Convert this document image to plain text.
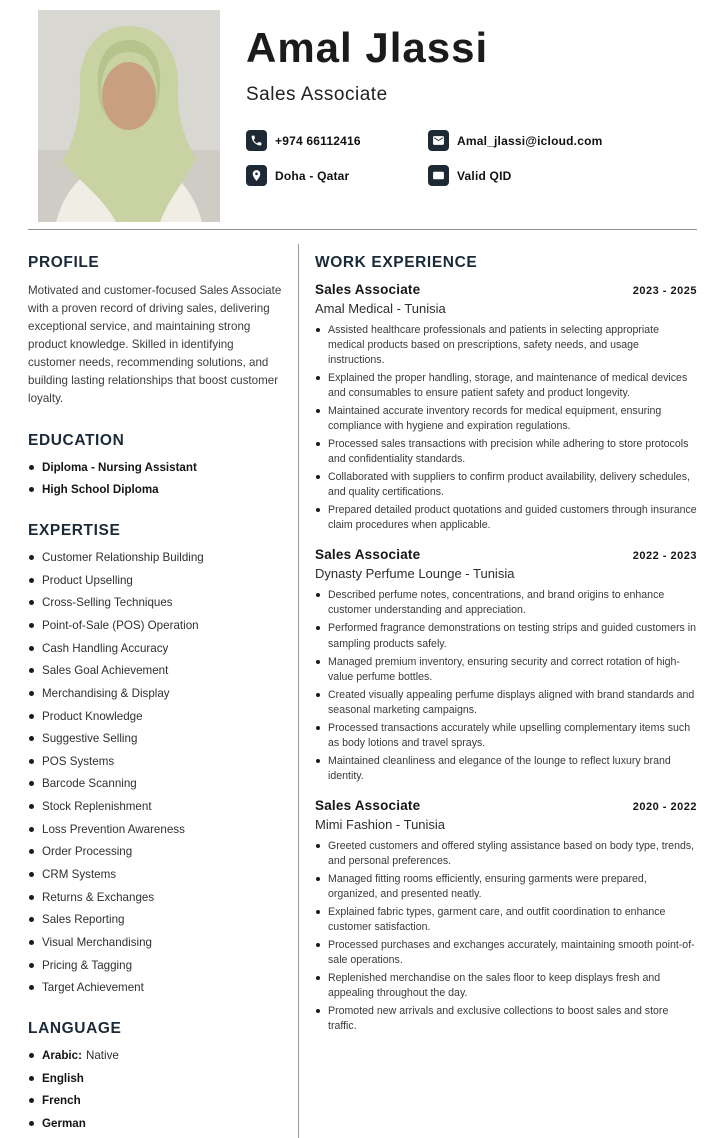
Amal Jlassi
Sales Associate
+974 66112416	Amal_jlassi@icloud.com
Doha - Qatar	Valid QID
PROFILE

Motivated and customer-focused Sales Associate with a proven record of driving sales, delivering exceptional service, and maintaining strong product knowledge. Skilled in identifying customer needs, recommending solutions, and building lasting relationships that boost customer loyalty.

EDUCATION
Diploma - Nursing Assistant
High School Diploma
EXPERTISE
Customer Relationship Building
Product Upselling
Cross-Selling Techniques
Point-of-Sale (POS) Operation
Cash Handling Accuracy
Sales Goal Achievement
Merchandising & Display
Product Knowledge
Suggestive Selling
POS Systems
Barcode Scanning
Stock Replenishment
Loss Prevention Awareness
Order Processing
CRM Systems
Returns & Exchanges
Sales Reporting
Visual Merchandising
Pricing & Tagging
Target Achievement
LANGUAGE
Arabic: Native
English
French
German
WORK EXPERIENCE
Sales Associate	2023 - 2025
Amal Medical - Tunisia
Assisted healthcare professionals and patients in selecting appropriate medical products based on prescriptions, safety needs, and usage instructions.
Explained the proper handling, storage, and maintenance of medical devices and consumables to ensure patient safety and product longevity.
Maintained accurate inventory records for medical equipment, ensuring compliance with hygiene and expiration regulations.
Processed sales transactions with precision while adhering to store protocols and confidentiality standards.
Collaborated with suppliers to confirm product availability, delivery schedules, and quality certifications.
Prepared detailed product quotations and guided customers through insurance claim procedures when applicable.
Sales Associate	2022 - 2023
Dynasty Perfume Lounge - Tunisia
Described perfume notes, concentrations, and brand origins to enhance customer understanding and appreciation.
Performed fragrance demonstrations on testing strips and guided customers in sampling products safely.
Managed premium inventory, ensuring security and correct rotation of high-value perfume bottles.
Created visually appealing perfume displays aligned with brand standards and seasonal marketing campaigns.
Processed transactions accurately while upselling complementary items such as body lotions and travel sprays.
Maintained cleanliness and elegance of the lounge to reflect luxury brand identity.
Sales Associate	2020 - 2022
Mimi Fashion - Tunisia
Greeted customers and offered styling assistance based on body type, trends, and personal preferences.
Managed fitting rooms efficiently, ensuring garments were prepared, organized, and presented neatly.
Explained fabric types, garment care, and outfit coordination to enhance customer satisfaction.
Processed purchases and exchanges accurately, maintaining smooth point-of-sale operations.
Replenished merchandise on the sales floor to keep displays fresh and appealing throughout the day.
Promoted new arrivals and exclusive collections to boost sales and store traffic.
